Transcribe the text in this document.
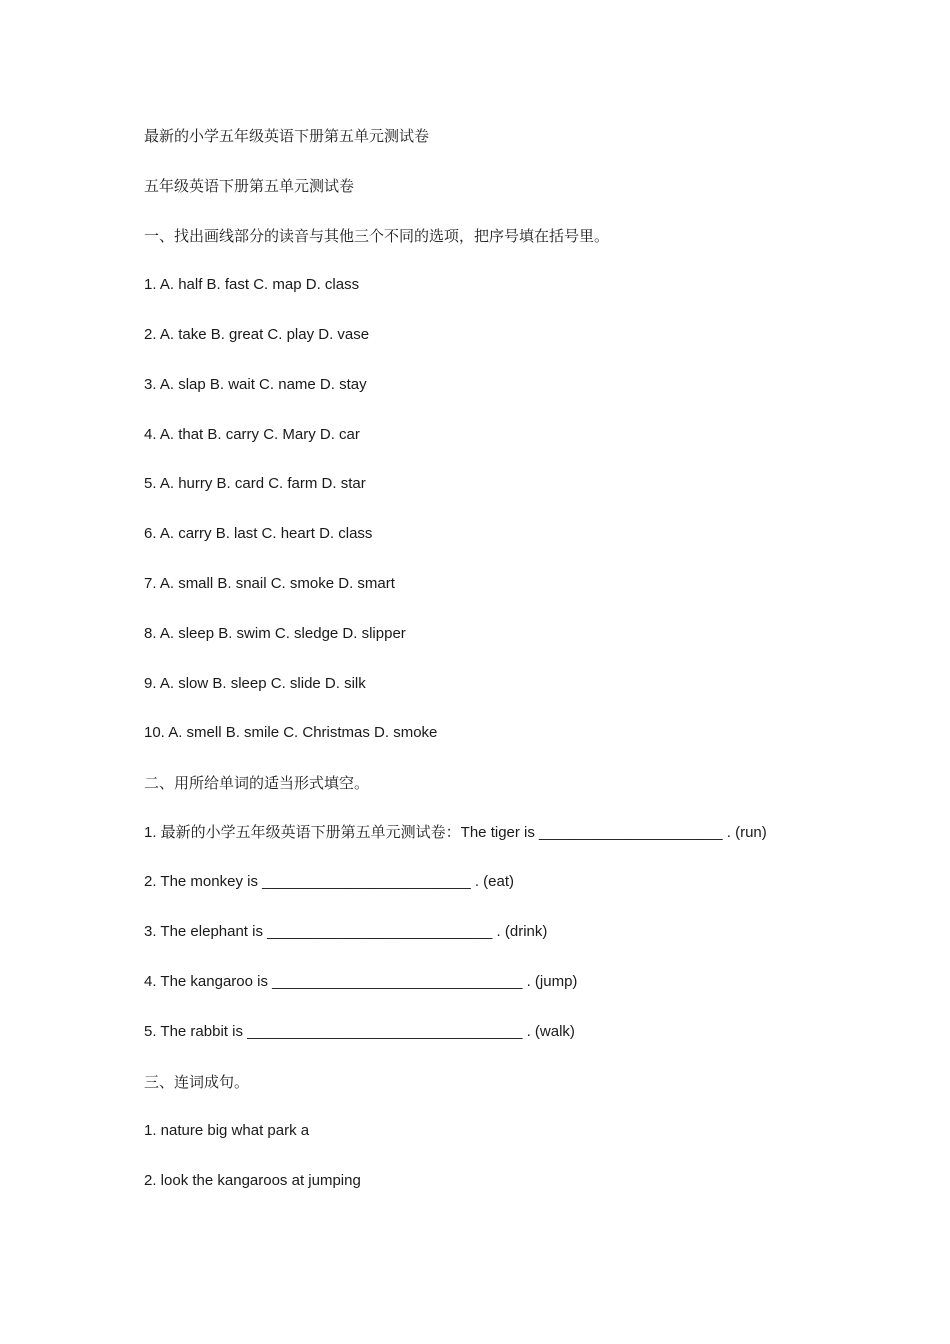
最新的小学五年级英语下册第五单元测试卷
五年级英语下册第五单元测试卷
一、找出画线部分的读音与其他三个不同的选项，把序号填在括号里。
1. A. half B. fast C. map D. class
2. A. take B. great C. play D. vase
3. A. slap B. wait C. name D. stay
4. A. that B. carry C. Mary D. car
5. A. hurry B. card C. farm D. star
6. A. carry B. last C. heart D. class
7. A. small B. snail C. smoke D. smart
8. A. sleep B. swim C. sledge D. slipper
9. A. slow B. sleep C. slide D. silk
10. A. smell B. smile C. Christmas D. smoke
二、用所给单词的适当形式填空。
1. 最新的小学五年级英语下册第五单元测试卷：The tiger is ______________________ . (run)
2. The monkey is _________________________ . (eat)
3. The elephant is ___________________________ . (drink)
4. The kangaroo is ______________________________ . (jump)
5. The rabbit is _________________________________ . (walk)
三、连词成句。
1. nature big what park a
2. look the kangaroos at jumping
